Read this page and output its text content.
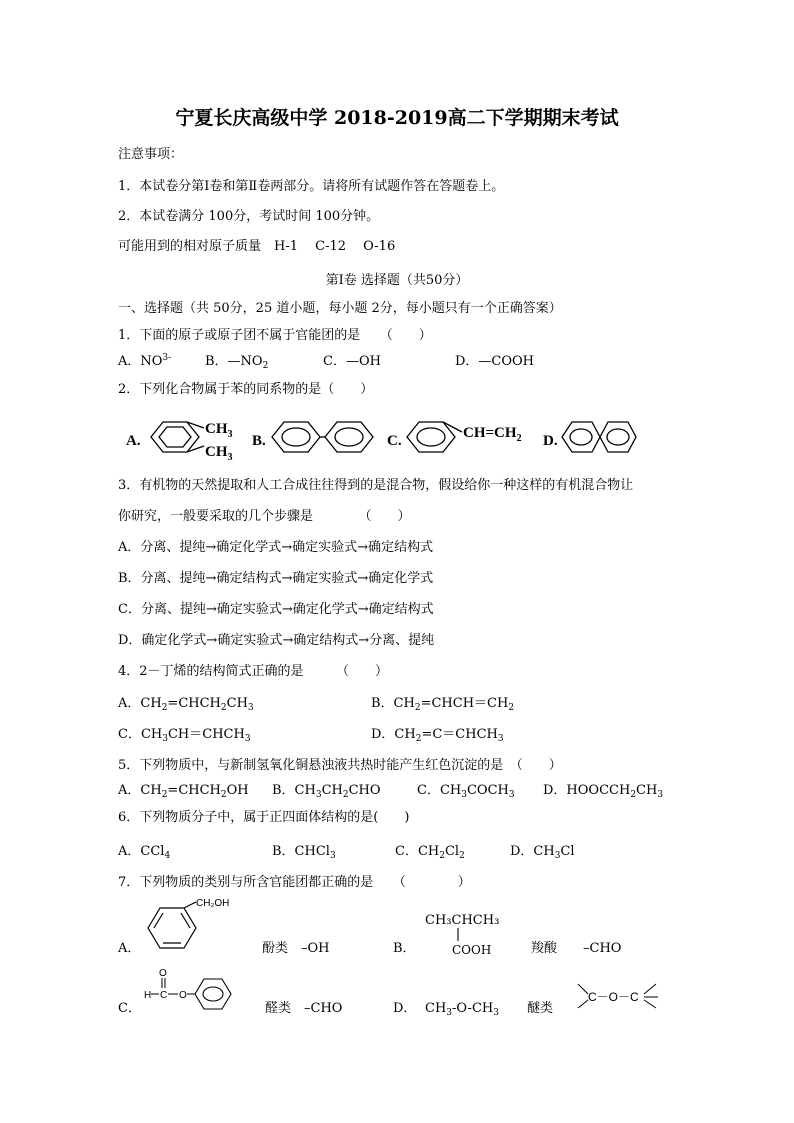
宁夏长庆高级中学 2018-2019高二下学期期末考试
注意事项：
1．本试卷分第Ⅰ卷和第Ⅱ卷两部分。请将所有试题作答在答题卷上。
2．本试卷满分 100分，考试时间 100分钟。
可能用到的相对原子质量　H-1　 C-12　 O-16
第Ⅰ卷 选择题（共50分）
一、选择题（共 50分，25 道小题，每小题 2分，每小题只有一个正确答案）
1．下面的原子或原子团不属于官能团的是　　（　　）
A．$NO^{3-}$	B．$—NO_2$	C．—OH	D．—COOH
2．下列化合物属于苯的同系物的是（　　）
A.
$CH_3$
$CH_3$
B.	C.	$CH=CH_2$ D.
3．有机物的天然提取和人工合成往往得到的是混合物，假设给你一种这样的有机混合物让
你研究，一般要采取的几个步骤是　　　　（　　）
A．分离、提纯→确定化学式→确定实验式→确定结构式
B．分离、提纯→确定结构式→确定实验式→确定化学式
C．分离、提纯→确定实验式→确定化学式→确定结构式
D．确定化学式→确定实验式→确定结构式→分离、提纯
4．2－丁烯的结构简式正确的是　　　（　　）
A．$CH_2=CHCH_2CH_3$	B．$CH_2=CHCH=CH_2$
C．$CH_3CH=CHCH_3$	D．$CH_2=C=CHCH_3$
5．下列物质中，与新制氢氧化铜悬浊液共热时能产生红色沉淀的是　（　　）
A．$CH_2=CHCH_2OH$ B．$CH_3CH_2CHO$	C．$CH_3COCH_3$ D．$HOOCCH_2CH_3$
6．下列物质分子中，属于正四面体结构的是(　　)
A．CCl$_4$	B．CHCl$_3$	C．$CH_2Cl_2$	D．$CH_3Cl$
7．下列物质的类别与所含官能团都正确的是　　（　　　　）
A．
CH₂OH
酚类　–OH	B．
CH₃CHCH₃
COOH	羧酸　　–CHO
C．
H C
O
O
醛类　–CHO	D． $CH_3-O-CH_3$ 醚类
C－O－C
